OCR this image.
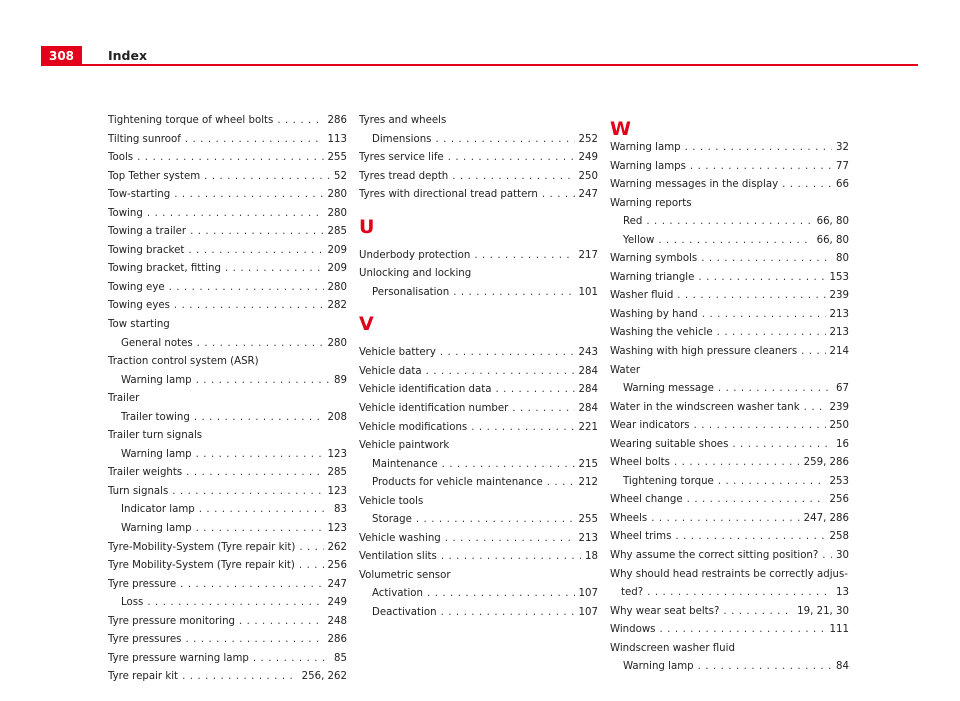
308	Index
Tightening torque of wheel bolts . . .	286
Tilting sunroof . . .	113
Tools . . .	255
Top Tether system . . .	52
Tow-starting . . .	280
Towing . . .	280
Towing a trailer . . .	285
Towing bracket . . .	209
Towing bracket, fitting . . .	209
Towing eye . . .	280
Towing eyes . . .	282
Tow starting
General notes . . .	280
Traction control system (ASR)
Warning lamp . . .	89
Trailer
Trailer towing . . .	208
Trailer turn signals
Warning lamp . . .	123
Trailer weights . . .	285
Turn signals . . .	123
Indicator lamp . . .	83
Warning lamp . . .	123
Tyre-Mobility-System (Tyre repair kit) . . .	262
Tyre Mobility-System (Tyre repair kit) . . .	256
Tyre pressure . . .	247
Loss . . .	249
Tyre pressure monitoring . . .	248
Tyre pressures . . .	286
Tyre pressure warning lamp . . .	85
Tyre repair kit . . .	256, 262
Tyres and wheels
Dimensions . . .	252
Tyres service life . . .	249
Tyres tread depth . . .	250
Tyres with directional tread pattern . . .	247
U
Underbody protection . . .	217
Unlocking and locking
Personalisation . . .	101
V
Vehicle battery . . .	243
Vehicle data . . .	284
Vehicle identification data . . .	284
Vehicle identification number . . .	284
Vehicle modifications . . .	221
Vehicle paintwork
Maintenance . . .	215
Products for vehicle maintenance . . .	212
Vehicle tools
Storage . . .	255
Vehicle washing . . .	213
Ventilation slits . . .	18
Volumetric sensor
Activation . . .	107
Deactivation . . .	107
W
Warning lamp . . .	32
Warning lamps . . .	77
Warning messages in the display . . .	66
Warning reports
Red . . .	66, 80
Yellow . . .	66, 80
Warning symbols . . .	80
Warning triangle . . .	153
Washer fluid . . .	239
Washing by hand . . .	213
Washing the vehicle . . .	213
Washing with high pressure cleaners . . .	214
Water
Warning message . . .	67
Water in the windscreen washer tank . . .	239
Wear indicators . . .	250
Wearing suitable shoes . . .	16
Wheel bolts . . .	259, 286
Tightening torque . . .	253
Wheel change . . .	256
Wheels . . .	247, 286
Wheel trims . . .	258
Why assume the correct sitting position? . . . 30
Why should head restraints be correctly adjus-
ted? . . .	13
Why wear seat belts? . . .	19, 21, 30
Windows . . .	111
Windscreen washer fluid
Warning lamp . . .	84
